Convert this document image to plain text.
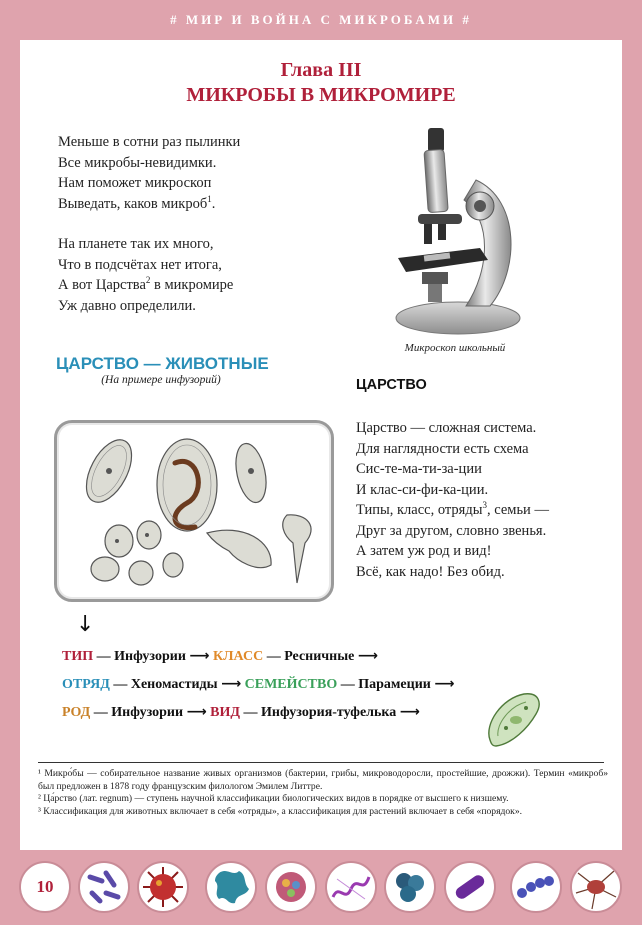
# МИР И ВОЙНА С МИКРОБАМИ #
Глава III
МИКРОБЫ В МИКРОМИРЕ
Меньше в сотни раз пылинки
Все микробы-невидимки.
Нам поможет микроскоп
Выведать, каков микроб$^1$.
На планете так их много,
Что в подсчётах нет итога,
А вот Царства$^2$ в микромире
Уж давно определили.
Микроскоп школьный
ЦАРСТВО — ЖИВОТНЫЕ
(На примере инфузорий)	ЦАРСТВО
Царство — сложная система.
Для наглядности есть схема
Сис-те-ма-ти-за-ции
И клас-си-фи-ка-ции.
Типы, класс, отряды$^3$, семьи —
Друг за другом, словно звенья.
А затем уж род и вид!
Всё, как надо! Без обид.
↓
ТИП — Инфузории ⟶ КЛАСС — Ресничные ⟶
ОТРЯД — Хеномастиды ⟶ СЕМЕЙСТВО — Парамеции ⟶
РОД — Инфузории ⟶ ВИД — Инфузория-туфелька ⟶

¹ Микро́бы — собирательное название живых организмов (бактерии, грибы, микроводоросли, простейшие, дрожжи). Термин «микроб» был предложен в 1878 году французским филологом Эмилем Литтре.

² Ца́рство (лат. regnum) — ступень научной классификации биологических видов в порядке от высшего к низшему.

³ Классификация для животных включает в себя «отряды», а классификация для растений включает в себя «порядок».

10
